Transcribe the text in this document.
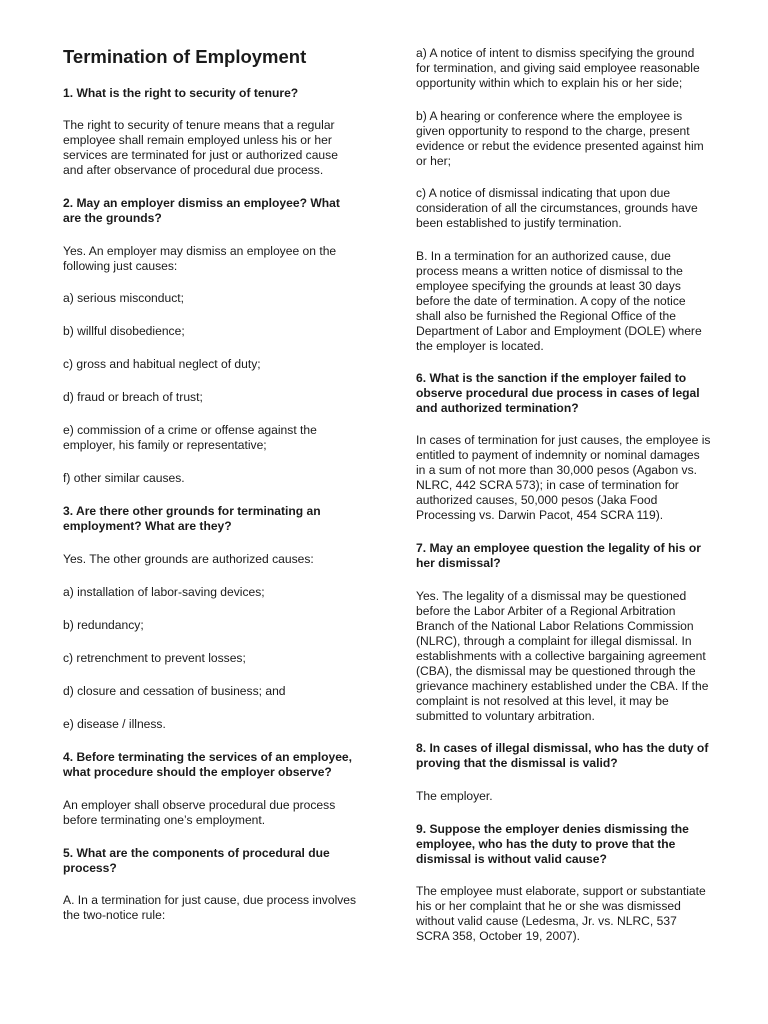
Termination of Employment

1. What is the right to security of tenure?

The right to security of tenure means that a regular
employee shall remain employed unless his or her
services are terminated for just or authorized cause
and after observance of procedural due process.

2. May an employer dismiss an employee? What
are the grounds?

Yes. An employer may dismiss an employee on the
following just causes:

a) serious misconduct;

b) willful disobedience;

c) gross and habitual neglect of duty;

d) fraud or breach of trust;

e) commission of a crime or offense against the
employer, his family or representative;

f) other similar causes.

3. Are there other grounds for terminating an
employment? What are they?

Yes. The other grounds are authorized causes:

a) installation of labor-saving devices;

b) redundancy;

c) retrenchment to prevent losses;

d) closure and cessation of business; and

e) disease / illness.

4. Before terminating the services of an employee,
what procedure should the employer observe?

An employer shall observe procedural due process
before terminating one’s employment.

5. What are the components of procedural due
process?

A. In a termination for just cause, due process involves
the two-notice rule:

a) A notice of intent to dismiss specifying the ground
for termination, and giving said employee reasonable
opportunity within which to explain his or her side;

b) A hearing or conference where the employee is
given opportunity to respond to the charge, present
evidence or rebut the evidence presented against him
or her;

c) A notice of dismissal indicating that upon due
consideration of all the circumstances, grounds have
been established to justify termination.

B. In a termination for an authorized cause, due
process means a written notice of dismissal to the
employee specifying the grounds at least 30 days
before the date of termination. A copy of the notice
shall also be furnished the Regional Office of the
Department of Labor and Employment (DOLE) where
the employer is located.

6. What is the sanction if the employer failed to
observe procedural due process in cases of legal
and authorized termination?

In cases of termination for just causes, the employee is
entitled to payment of indemnity or nominal damages
in a sum of not more than 30,000 pesos (Agabon vs.
NLRC, 442 SCRA 573); in case of termination for
authorized causes, 50,000 pesos (Jaka Food
Processing vs. Darwin Pacot, 454 SCRA 119).

7. May an employee question the legality of his or
her dismissal?

Yes. The legality of a dismissal may be questioned
before the Labor Arbiter of a Regional Arbitration
Branch of the National Labor Relations Commission
(NLRC), through a complaint for illegal dismissal. In
establishments with a collective bargaining agreement
(CBA), the dismissal may be questioned through the
grievance machinery established under the CBA. If the
complaint is not resolved at this level, it may be
submitted to voluntary arbitration.

8. In cases of illegal dismissal, who has the duty of
proving that the dismissal is valid?

The employer.

9. Suppose the employer denies dismissing the
employee, who has the duty to prove that the
dismissal is without valid cause?

The employee must elaborate, support or substantiate
his or her complaint that he or she was dismissed
without valid cause (Ledesma, Jr. vs. NLRC, 537
SCRA 358, October 19, 2007).
